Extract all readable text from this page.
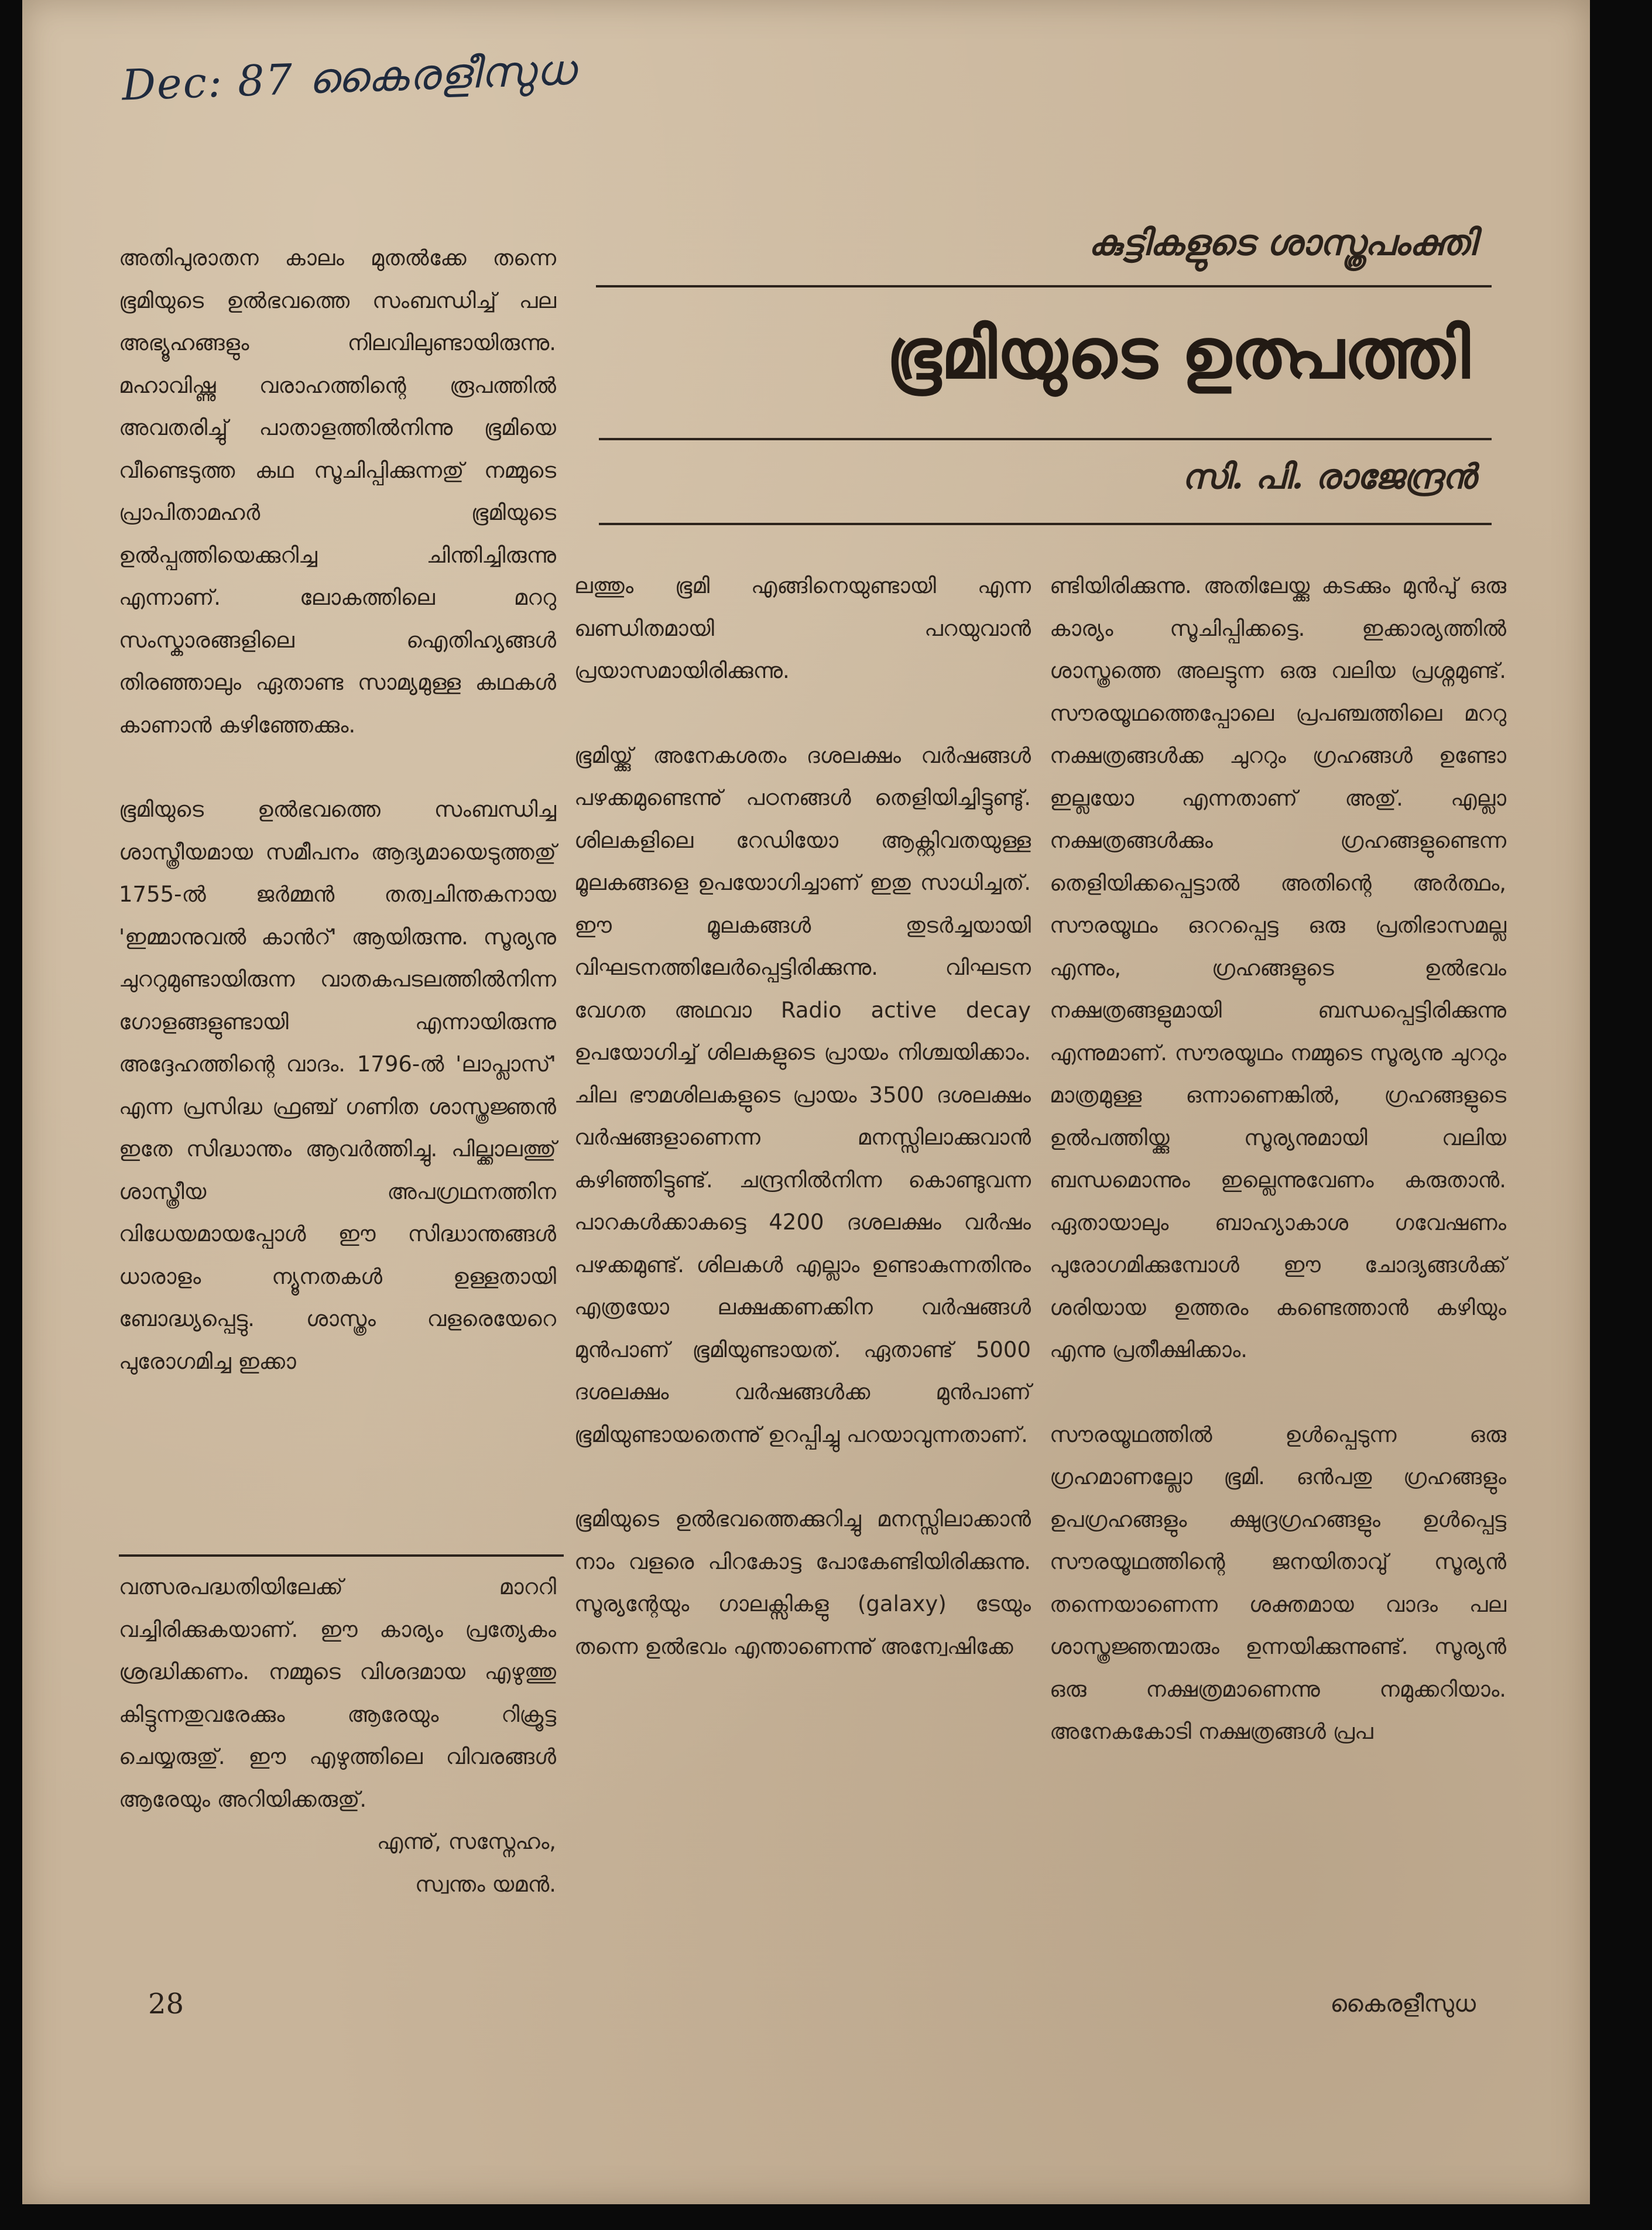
Dec: 87 കൈരളീസുധ
കുട്ടികളുടെ ശാസ്ത്രപംക്തി
ഭൂമിയുടെ ഉത്പത്തി
സി. പി. രാജേന്ദ്രൻ

അതിപുരാതന കാലം മുതൽക്കേ തന്നെ ഭൂമിയുടെ ഉൽഭവത്തെ സംബന്ധിച്ച് പല അഭ്യൂഹങ്ങളും നിലവിലുണ്ടായിരുന്നു. മഹാവിഷ്ണു വരാഹത്തിന്റെ രൂപത്തിൽ അവതരിച്ചു് പാതാളത്തിൽനിന്നു ഭൂമിയെ വീണ്ടെടുത്ത കഥ സൂചിപ്പിക്കുന്നതു് നമ്മുടെ പ്രാപിതാമഹർ ഭൂമിയുടെ ഉൽപ്പത്തിയെക്കുറിച്ച ചിന്തിച്ചിരുന്നു എന്നാണ്. ലോകത്തിലെ മററു സംസ്കാരങ്ങളിലെ ഐതിഹ്യങ്ങൾ തിരഞ്ഞാലും ഏതാണ്ട സാമ്യമുള്ള കഥകൾ കാണാൻ കഴിഞ്ഞേക്കും.

ഭൂമിയുടെ ഉൽഭവത്തെ സംബന്ധിച്ച ശാസ്ത്രീയമായ സമീപനം ആദ്യമായെടുത്തതു് 1755-ൽ ജർമ്മൻ തത്വചിന്തകനായ 'ഇമ്മാനുവൽ കാൻറ്' ആയിരുന്നു. സൂര്യനു ചുററുമുണ്ടായിരുന്ന വാതകപടലത്തിൽനിന്ന ഗോളങ്ങളുണ്ടായി എന്നായിരുന്നു അദ്ദേഹത്തിന്റെ വാദം. 1796-ൽ 'ലാപ്ലാസ്' എന്ന പ്രസിദ്ധ ഫ്രഞ്ച് ഗണിത ശാസ്ത്രജ്ഞൻ ഇതേ സിദ്ധാന്തം ആവർത്തിച്ചു. പില്ക്കാലത്തു് ശാസ്ത്രീയ അപഗ്രഥനത്തിന വിധേയമായപ്പോൾ ഈ സിദ്ധാന്തങ്ങൾ ധാരാളം ന്യൂനതകൾ ഉള്ളതായി ബോദ്ധ്യപ്പെട്ടു. ശാസ്ത്രം വളരെയേറെ പുരോഗമിച്ച ഇക്കാ

വത്സരപദ്ധതിയിലേക്ക് മാററി വച്ചിരിക്കുകയാണ്. ഈ കാര്യം പ്രത്യേകം ശ്രദ്ധിക്കണം. നമ്മുടെ വിശദമായ എഴുത്തു കിട്ടുന്നതുവരേക്കും ആരേയും റിക്രൂട്ട ചെയ്യരുതു്. ഈ എഴുത്തിലെ വിവരങ്ങൾ ആരേയും അറിയിക്കരുതു്.

എന്നു്, സസ്നേഹം,

സ്വന്തം യമൻ.

ലത്തും ഭൂമി എങ്ങിനെയുണ്ടായി എന്ന ഖണ്ഡിതമായി പറയുവാൻ പ്രയാസമായിരിക്കുന്നു.

ഭൂമിയ്ക്കു് അനേകശതം ദശലക്ഷം വർഷങ്ങൾ പഴക്കമുണ്ടെന്നു് പഠനങ്ങൾ തെളിയിച്ചിട്ടുണ്ടു്. ശിലകളിലെ റേഡിയോ ആക്റ്റിവതയുള്ള മൂലകങ്ങളെ ഉപയോഗിച്ചാണ് ഇതു സാധിച്ചത്. ഈ മൂലകങ്ങൾ തുടർച്ചയായി വിഘടനത്തിലേർപ്പെട്ടിരിക്കുന്നു. വിഘടന വേഗത അഥവാ Radio active decay ഉപയോഗിച്ച് ശിലകളുടെ പ്രായം നിശ്ചയിക്കാം. ചില ഭൗമശിലകളുടെ പ്രായം 3500 ദശലക്ഷം വർഷങ്ങളാണെന്ന മനസ്സിലാക്കുവാൻ കഴിഞ്ഞിട്ടുണ്ട്. ചന്ദ്രനിൽനിന്ന കൊണ്ടുവന്ന പാറകൾക്കാകട്ടെ 4200 ദശലക്ഷം വർഷം പഴക്കമുണ്ട്. ശിലകൾ എല്ലാം ഉണ്ടാകുന്നതിനും എത്രയോ ലക്ഷക്കണക്കിന വർഷങ്ങൾ മുൻപാണ് ഭൂമിയുണ്ടായത്. ഏതാണ്ട് 5000 ദശലക്ഷം വർഷങ്ങൾക്ക മുൻപാണ് ഭൂമിയുണ്ടായതെന്നു് ഉറപ്പിച്ചു പറയാവുന്നതാണ്.

ഭൂമിയുടെ ഉൽഭവത്തെക്കുറിച്ചു മനസ്സിലാക്കാൻ നാം വളരെ പിറകോട്ട പോകേണ്ടിയിരിക്കുന്നു. സൂര്യന്റേയും ഗാലക്സികളു (galaxy) ടേയും തന്നെ ഉൽഭവം എന്താണെന്നു് അന്വേഷിക്കേ

ണ്ടിയിരിക്കുന്നു. അതിലേയ്ക്കു കടക്കും മുൻപു് ഒരു കാര്യം സൂചിപ്പിക്കട്ടെ. ഇക്കാര്യത്തിൽ ശാസ്ത്രത്തെ അലട്ടുന്ന ഒരു വലിയ പ്രശ്നമുണ്ട്. സൗരയൂഥത്തെപ്പോലെ പ്രപഞ്ചത്തിലെ മററു നക്ഷത്രങ്ങൾക്ക ചുററും ഗ്രഹങ്ങൾ ഉണ്ടോ ഇല്ലയോ എന്നതാണ് അതു്. എല്ലാ നക്ഷത്രങ്ങൾക്കും ഗ്രഹങ്ങളുണ്ടെന്ന തെളിയിക്കപ്പെട്ടാൽ അതിന്റെ അർത്ഥം, സൗരയൂഥം ഒററപ്പെട്ട ഒരു പ്രതിഭാസമല്ല എന്നും, ഗ്രഹങ്ങളുടെ ഉൽഭവം നക്ഷത്രങ്ങളുമായി ബന്ധപ്പെട്ടിരിക്കുന്നു എന്നുമാണ്. സൗരയൂഥം നമ്മുടെ സൂര്യനു ചുററും മാത്രമുള്ള ഒന്നാണെങ്കിൽ, ഗ്രഹങ്ങളുടെ ഉൽപത്തിയ്ക്കു സൂര്യനുമായി വലിയ ബന്ധമൊന്നും ഇല്ലെന്നുവേണം കരുതാൻ. ഏതായാലും ബാഹ്യാകാശ ഗവേഷണം പുരോഗമിക്കുമ്പോൾ ഈ ചോദ്യങ്ങൾക്ക് ശരിയായ ഉത്തരം കണ്ടെത്താൻ കഴിയും എന്നു പ്രതീക്ഷിക്കാം.

സൗരയൂഥത്തിൽ ഉൾപ്പെടുന്ന ഒരു ഗ്രഹമാണല്ലോ ഭൂമി. ഒൻപതു ഗ്രഹങ്ങളും ഉപഗ്രഹങ്ങളും ക്ഷുദ്രഗ്രഹങ്ങളും ഉൾപ്പെട്ട സൗരയൂഥത്തിന്റെ ജനയിതാവു് സൂര്യൻ തന്നെയാണെന്ന ശക്തമായ വാദം പല ശാസ്ത്രജ്ഞന്മാരും ഉന്നയിക്കുന്നുണ്ട്. സൂര്യൻ ഒരു നക്ഷത്രമാണെന്നു നമുക്കറിയാം. അനേകകോടി നക്ഷത്രങ്ങൾ പ്രപ

28	കൈരളീസുധ
